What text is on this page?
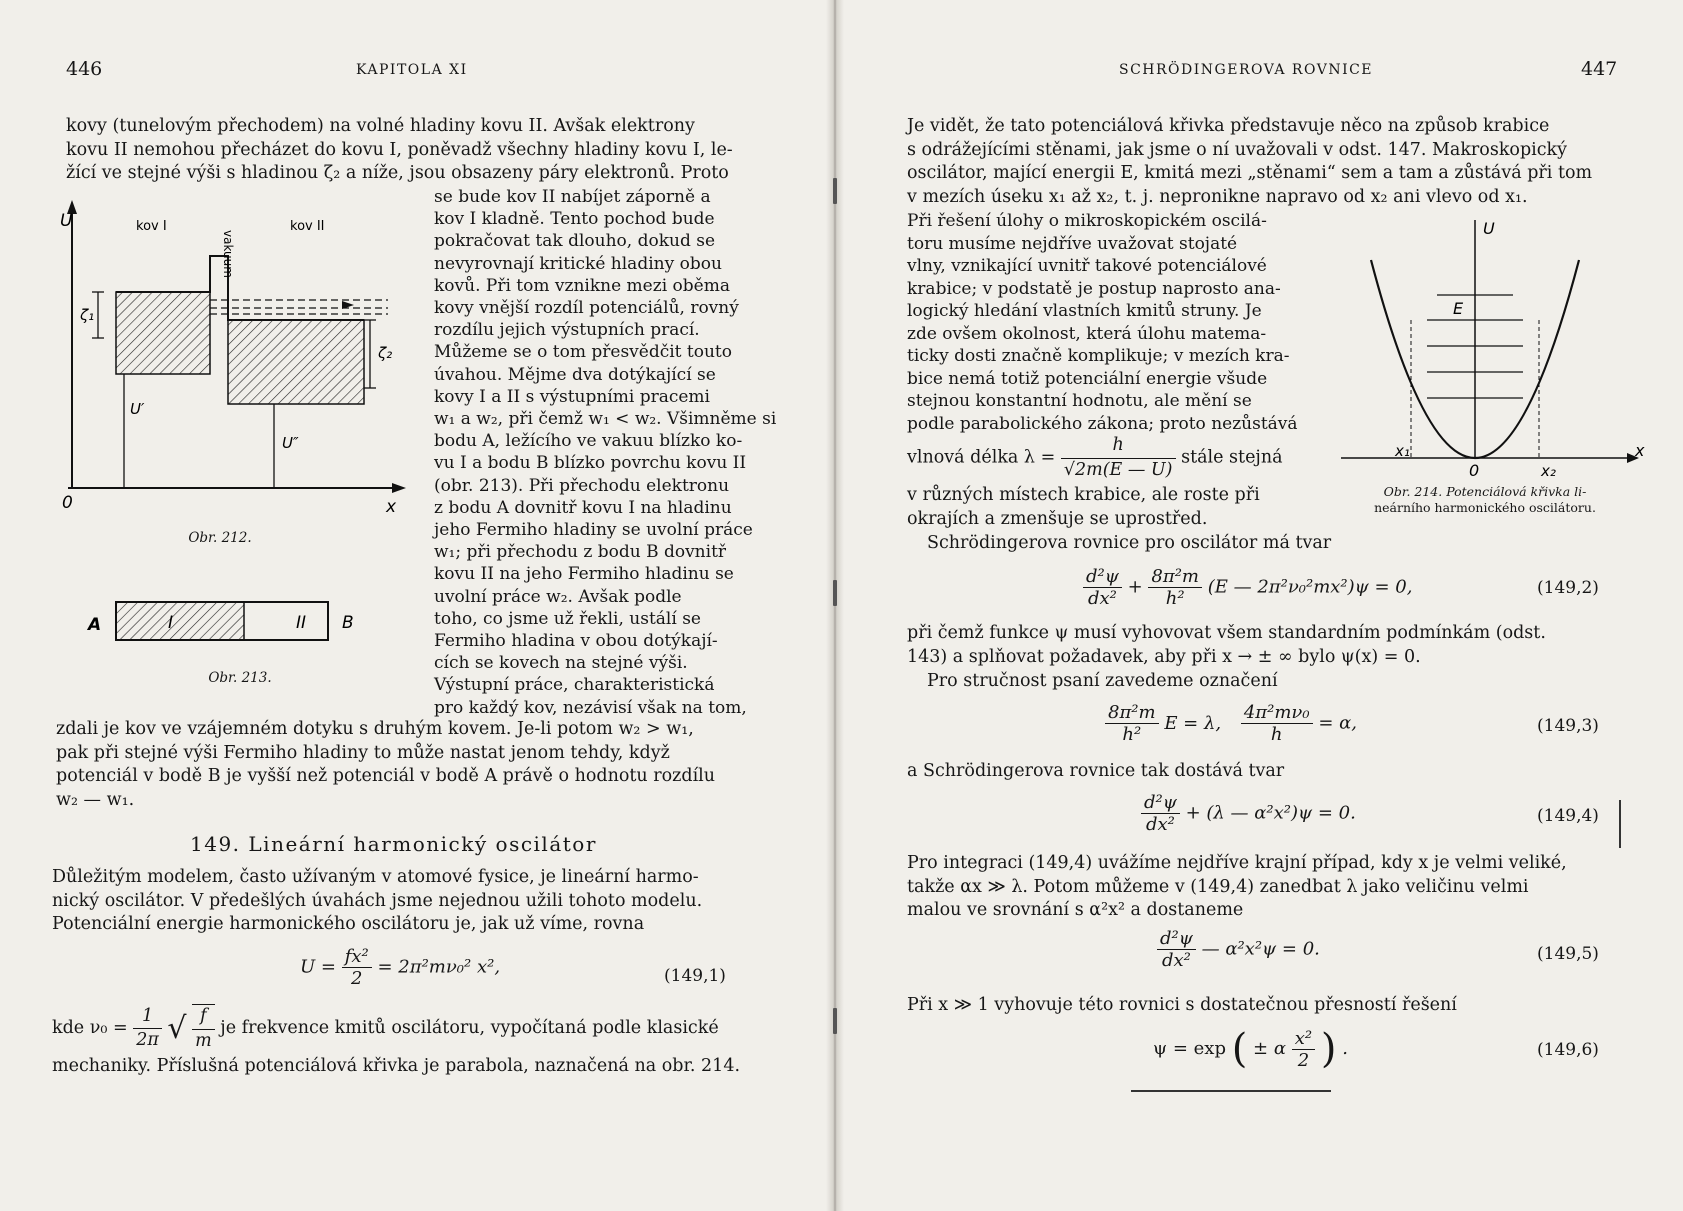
446	KAPITOLA XI
kovy (tunelovým přechodem) na volné hladiny kovu II. Avšak elektrony
kovu II nemohou přecházet do kovu I, poněvadž všechny hladiny kovu I, le-
žící ve stejné výši s hladinou ζ₂ a níže, jsou obsazeny páry elektronů. Proto
U	kov I
vakuum
kov II
ζ₁
ζ₂
U′
U″
0	x
Obr. 212.
A	I	II B
Obr. 213.
se bude kov II nabíjet záporně a
kov I kladně. Tento pochod bude
pokračovat tak dlouho, dokud se
nevyrovnají kritické hladiny obou
kovů. Při tom vznikne mezi oběma
kovy vnější rozdíl potenciálů, rovný
rozdílu jejich výstupních prací.
Můžeme se o tom přesvědčit touto
úvahou. Mějme dva dotýkající se
kovy I a II s výstupními pracemi
w₁ a w₂, při čemž w₁ < w₂. Všimněme si
bodu A, ležícího ve vakuu blízko ko-
vu I a bodu B blízko povrchu kovu II
(obr. 213). Při přechodu elektronu
z bodu A dovnitř kovu I na hladinu
jeho Fermiho hladiny se uvolní práce
w₁; při přechodu z bodu B dovnitř
kovu II na jeho Fermiho hladinu se
uvolní práce w₂. Avšak podle
toho, co jsme už řekli, ustálí se
Fermiho hladina v obou dotýkají-
cích se kovech na stejné výši.
Výstupní práce, charakteristická
pro každý kov, nezávisí však na tom,
zdali je kov ve vzájemném dotyku s druhým kovem. Je-li potom w₂ > w₁,
pak při stejné výši Fermiho hladiny to může nastat jenom tehdy, když
potenciál v bodě B je vyšší než potenciál v bodě A právě o hodnotu rozdílu
w₂ — w₁.
149. Lineární harmonický oscilátor
Důležitým modelem, často užívaným v atomové fysice, je lineární harmo-
nický oscilátor. V předešlých úvahách jsme nejednou užili tohoto modelu.
Potenciální energie harmonického oscilátoru je, jak už víme, rovna
$U = \frac{\text{fx²}}{2} = 2\pi^2m\nu_0^2$ x²,	(149,1)
kde $\nu_0 = \frac{1}{2\pi}$ √ $\frac{f}{m}$ je frekvence kmitů oscilátoru, vypočítaná podle klasické
mechaniky. Příslušná potenciálová křivka je parabola, naznačená na obr. 214.
SCHRÖDINGEROVA ROVNICE	447
Je vidět, že tato potenciálová křivka představuje něco na způsob krabice
s odrážejícími stěnami, jak jsme o ní uvažovali v odst. 147. Makroskopický
oscilátor, mající energii E, kmitá mezi „stěnami“ sem a tam a zůstává při tom
v mezích úseku x₁ až x₂, t. j. nepronikne napravo od x₂ ani vlevo od x₁.
Při řešení úlohy o mikroskopickém oscilá-
toru musíme nejdříve uvažovat stojaté
vlny, vznikající uvnitř takové potenciálové
krabice; v podstatě je postup naprosto ana-
logický hledání vlastních kmitů struny. Je
zde ovšem okolnost, která úlohu matema-
ticky dosti značně komplikuje; v mezích kra-
bice nemá totiž potenciální energie všude
stejnou konstantní hodnotu, ale mění se
podle parabolického zákona; proto nezůstává
vlnová délka $\lambda = \frac{h}{√2m(E — U)}$ stále stejná
v různých místech krabice, ale roste při
okrajích a zmenšuje se uprostřed.
U
E
x₁
0	x₂
x
Obr. 214. Potenciálová křivka li-
neárního harmonického oscilátoru.
Schrödingerova rovnice pro oscilátor má tvar
$\frac{\text{d²ψ}}{\text{dx²}} + \frac{\text{8π²m}}{\text{h²}} (E$ — 2π²ν₀²mx²)ψ = 0,	(149,2)
při čemž funkce ψ musí vyhovovat všem standardním podmínkám (odst.
143) a splňovat požadavek, aby při x → ± ∞ bylo ψ(x) = 0.
Pro stručnost psaní zavedeme označení
$\frac{\text{8π²m}}{\text{h²}}$ E = λ, $\frac{\text{4π²mν₀}}{h} = \alpha$,	(149,3)
a Schrödingerova rovnice tak dostává tvar
$\frac{\text{d²ψ}}{\text{dx²}} + (\lambda$ — α²x²)ψ = 0.	(149,4)
Pro integraci (149,4) uvážíme nejdříve krajní případ, kdy x je velmi veliké,
takže αx ≫ λ. Potom můžeme v (149,4) zanedbat λ jako veličinu velmi
malou ve srovnání s α²x² a dostaneme
$\frac{\text{d²ψ}}{\text{dx²}}$ — α²x²ψ = 0.	(149,5)
Při x ≫ 1 vyhovuje této rovnici s dostatečnou přesností řešení
ψ = exp ( ± α $\frac{\text{x²}}{2}$ ) .	(149,6)
